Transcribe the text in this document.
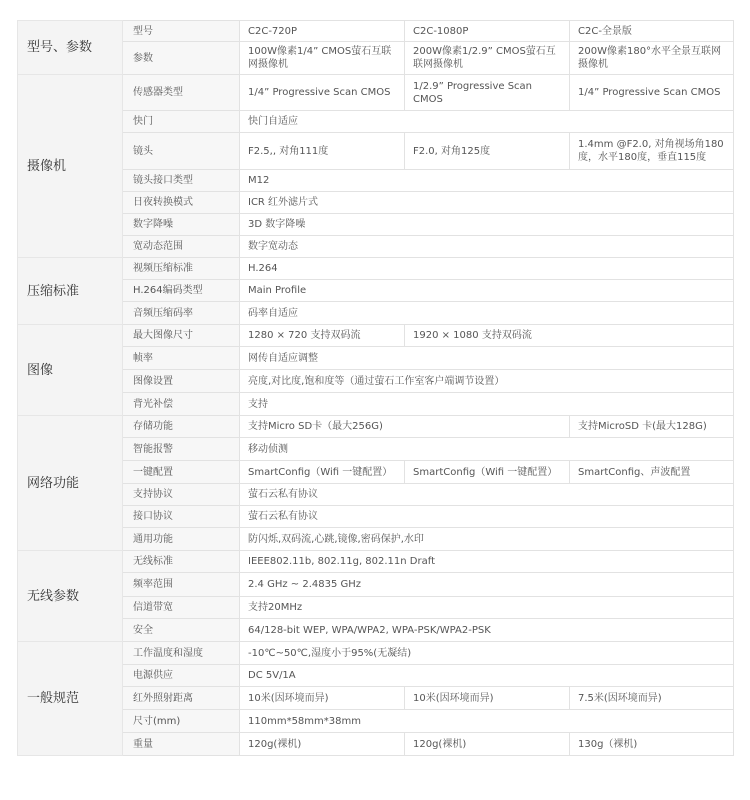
型号、参数	型号	C2C-720P	C2C-1080P	C2C-全景版
	参数	100W像素1/4” CMOS萤石互联网摄像机	200W像素1/2.9” CMOS萤石互联网摄像机	200W像素180°水平全景互联网摄像机
摄像机	传感器类型	1/4” Progressive Scan CMOS	1/2.9” Progressive Scan CMOS	1/4” Progressive Scan CMOS
	快门	快门自适应		
	镜头	F2.5,, 对角111度	F2.0, 对角125度	1.4mm @F2.0, 对角视场角180度，水平180度，垂直115度
	镜头接口类型	M12		
	日夜转换模式	ICR 红外滤片式		
	数字降噪	3D 数字降噪		
	宽动态范围	数字宽动态		
压缩标准	视频压缩标准	H.264		
	H.264编码类型	Main Profile		
	音频压缩码率	码率自适应		
图像	最大图像尺寸	1280 × 720 支持双码流	1920 × 1080 支持双码流	
	帧率	网传自适应调整		
	图像设置	亮度,对比度,饱和度等（通过萤石工作室客户端调节设置）		
	背光补偿	支持		
网络功能	存储功能	支持Micro SD卡（最大256G)		支持MicroSD 卡(最大128G)
	智能报警	移动侦测		
	一键配置	SmartConfig（Wifi 一键配置）	SmartConfig（Wifi 一键配置）	SmartConfig、声波配置
	支持协议	萤石云私有协议		
	接口协议	萤石云私有协议		
	通用功能	防闪烁,双码流,心跳,镜像,密码保护,水印		
无线参数	无线标准	IEEE802.11b, 802.11g, 802.11n Draft		
	频率范围	2.4 GHz ~ 2.4835 GHz		
	信道带宽	支持20MHz		
	安全	64/128-bit WEP, WPA/WPA2, WPA-PSK/WPA2-PSK		
一般规范	工作温度和湿度	-10℃~50℃,湿度小于95%(无凝结)		
	电源供应	DC 5V/1A		
	红外照射距离	10米(因环境而异)	10米(因环境而异)	7.5米(因环境而异)
	尺寸(mm)	110mm*58mm*38mm		
	重量	120g(裸机)	120g(裸机)	130g（裸机)
